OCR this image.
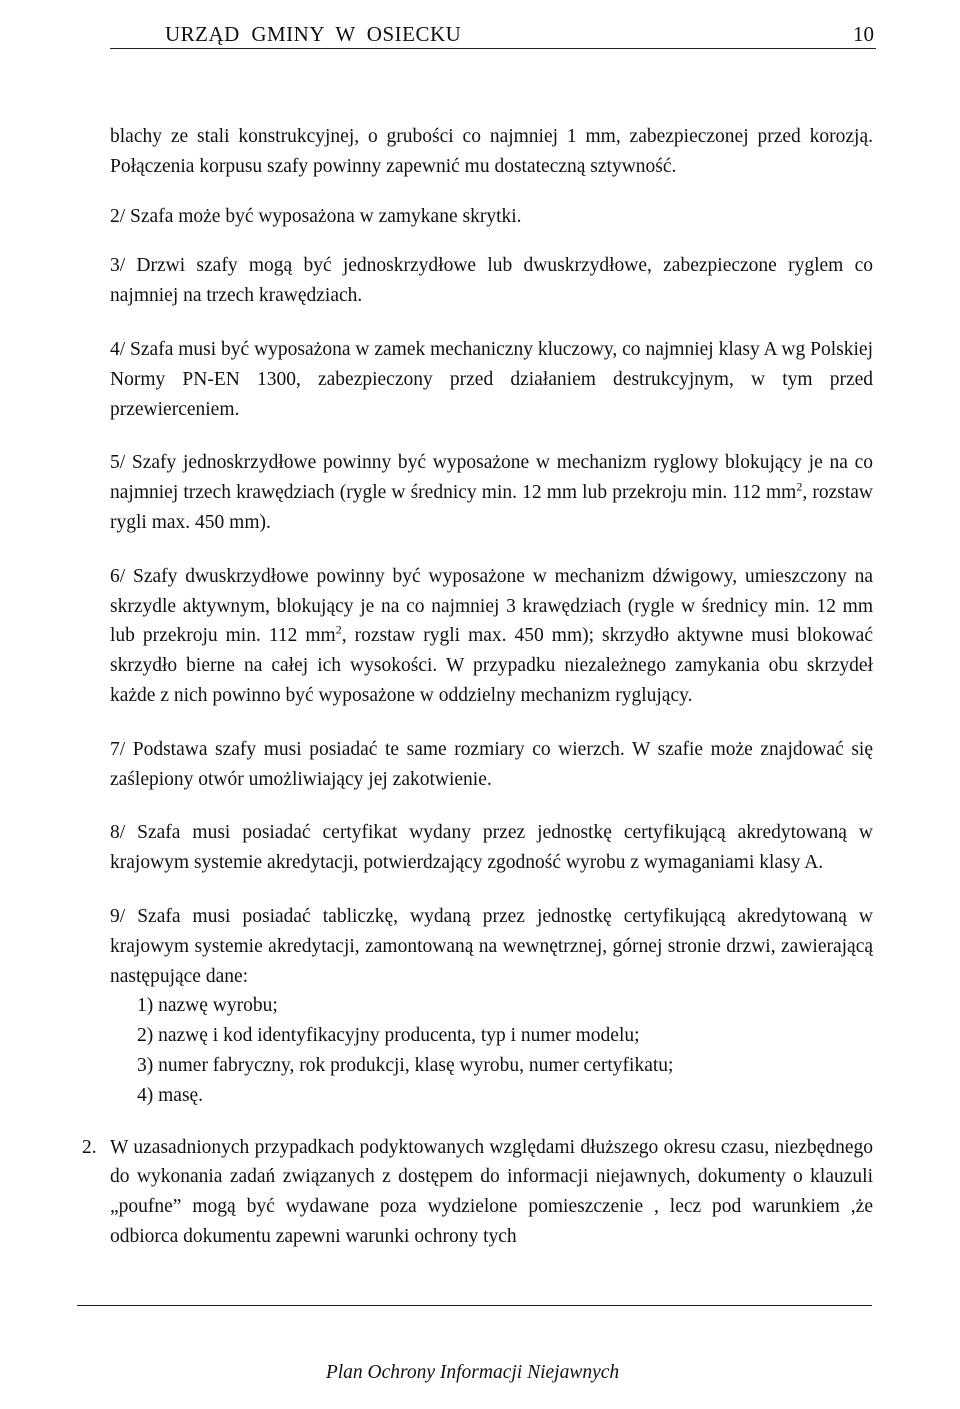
URZĄD  GMINY  W  OSIECKU	10

blachy ze stali konstrukcyjnej, o grubości co najmniej 1 mm, zabezpieczonej przed korozją. Połączenia korpusu szafy powinny zapewnić mu dostateczną sztywność.

2/ Szafa może być wyposażona w zamykane skrytki.

3/ Drzwi szafy mogą być jednoskrzydłowe lub dwuskrzydłowe, zabezpieczone ryglem co najmniej na trzech krawędziach.

4/ Szafa musi być wyposażona w zamek mechaniczny kluczowy, co najmniej klasy A wg Polskiej Normy PN-EN 1300, zabezpieczony przed działaniem destrukcyjnym, w tym przed przewierceniem.

5/ Szafy jednoskrzydłowe powinny być wyposażone w mechanizm ryglowy blokujący je na co najmniej trzech krawędziach (rygle w średnicy min. 12 mm lub przekroju min. 112 $mm^2$, rozstaw rygli max. 450 mm).

6/ Szafy dwuskrzydłowe powinny być wyposażone w mechanizm dźwigowy, umieszczony na skrzydle aktywnym, blokujący je na co najmniej 3 krawędziach (rygle w średnicy min. 12 mm lub przekroju min. 112 $mm^2$, rozstaw rygli max. 450 mm); skrzydło aktywne musi blokować skrzydło bierne na całej ich wysokości. W przypadku niezależnego zamykania obu skrzydeł każde z nich powinno być wyposażone w oddzielny mechanizm ryglujący.

7/ Podstawa szafy musi posiadać te same rozmiary co wierzch. W szafie może znajdować się zaślepiony otwór umożliwiający jej zakotwienie.

8/ Szafa musi posiadać certyfikat wydany przez jednostkę certyfikującą akredytowaną w krajowym systemie akredytacji, potwierdzający zgodność wyrobu z wymaganiami klasy A.

9/ Szafa musi posiadać tabliczkę, wydaną przez jednostkę certyfikującą akredytowaną w krajowym systemie akredytacji, zamontowaną na wewnętrznej, górnej stronie drzwi, zawierającą następujące dane:

1) nazwę wyrobu;
2) nazwę i kod identyfikacyjny producenta, typ i numer modelu;
3) numer fabryczny, rok produkcji, klasę wyrobu, numer certyfikatu;
4) masę.
2. W uzasadnionych przypadkach podyktowanych względami dłuższego okresu czasu, niezbędnego do wykonania zadań związanych z dostępem do informacji niejawnych, dokumenty o klauzuli „poufne” mogą być wydawane poza wydzielone pomieszczenie , lecz pod warunkiem ,że odbiorca dokumentu zapewni warunki ochrony tych
Plan Ochrony Informacji Niejawnych
